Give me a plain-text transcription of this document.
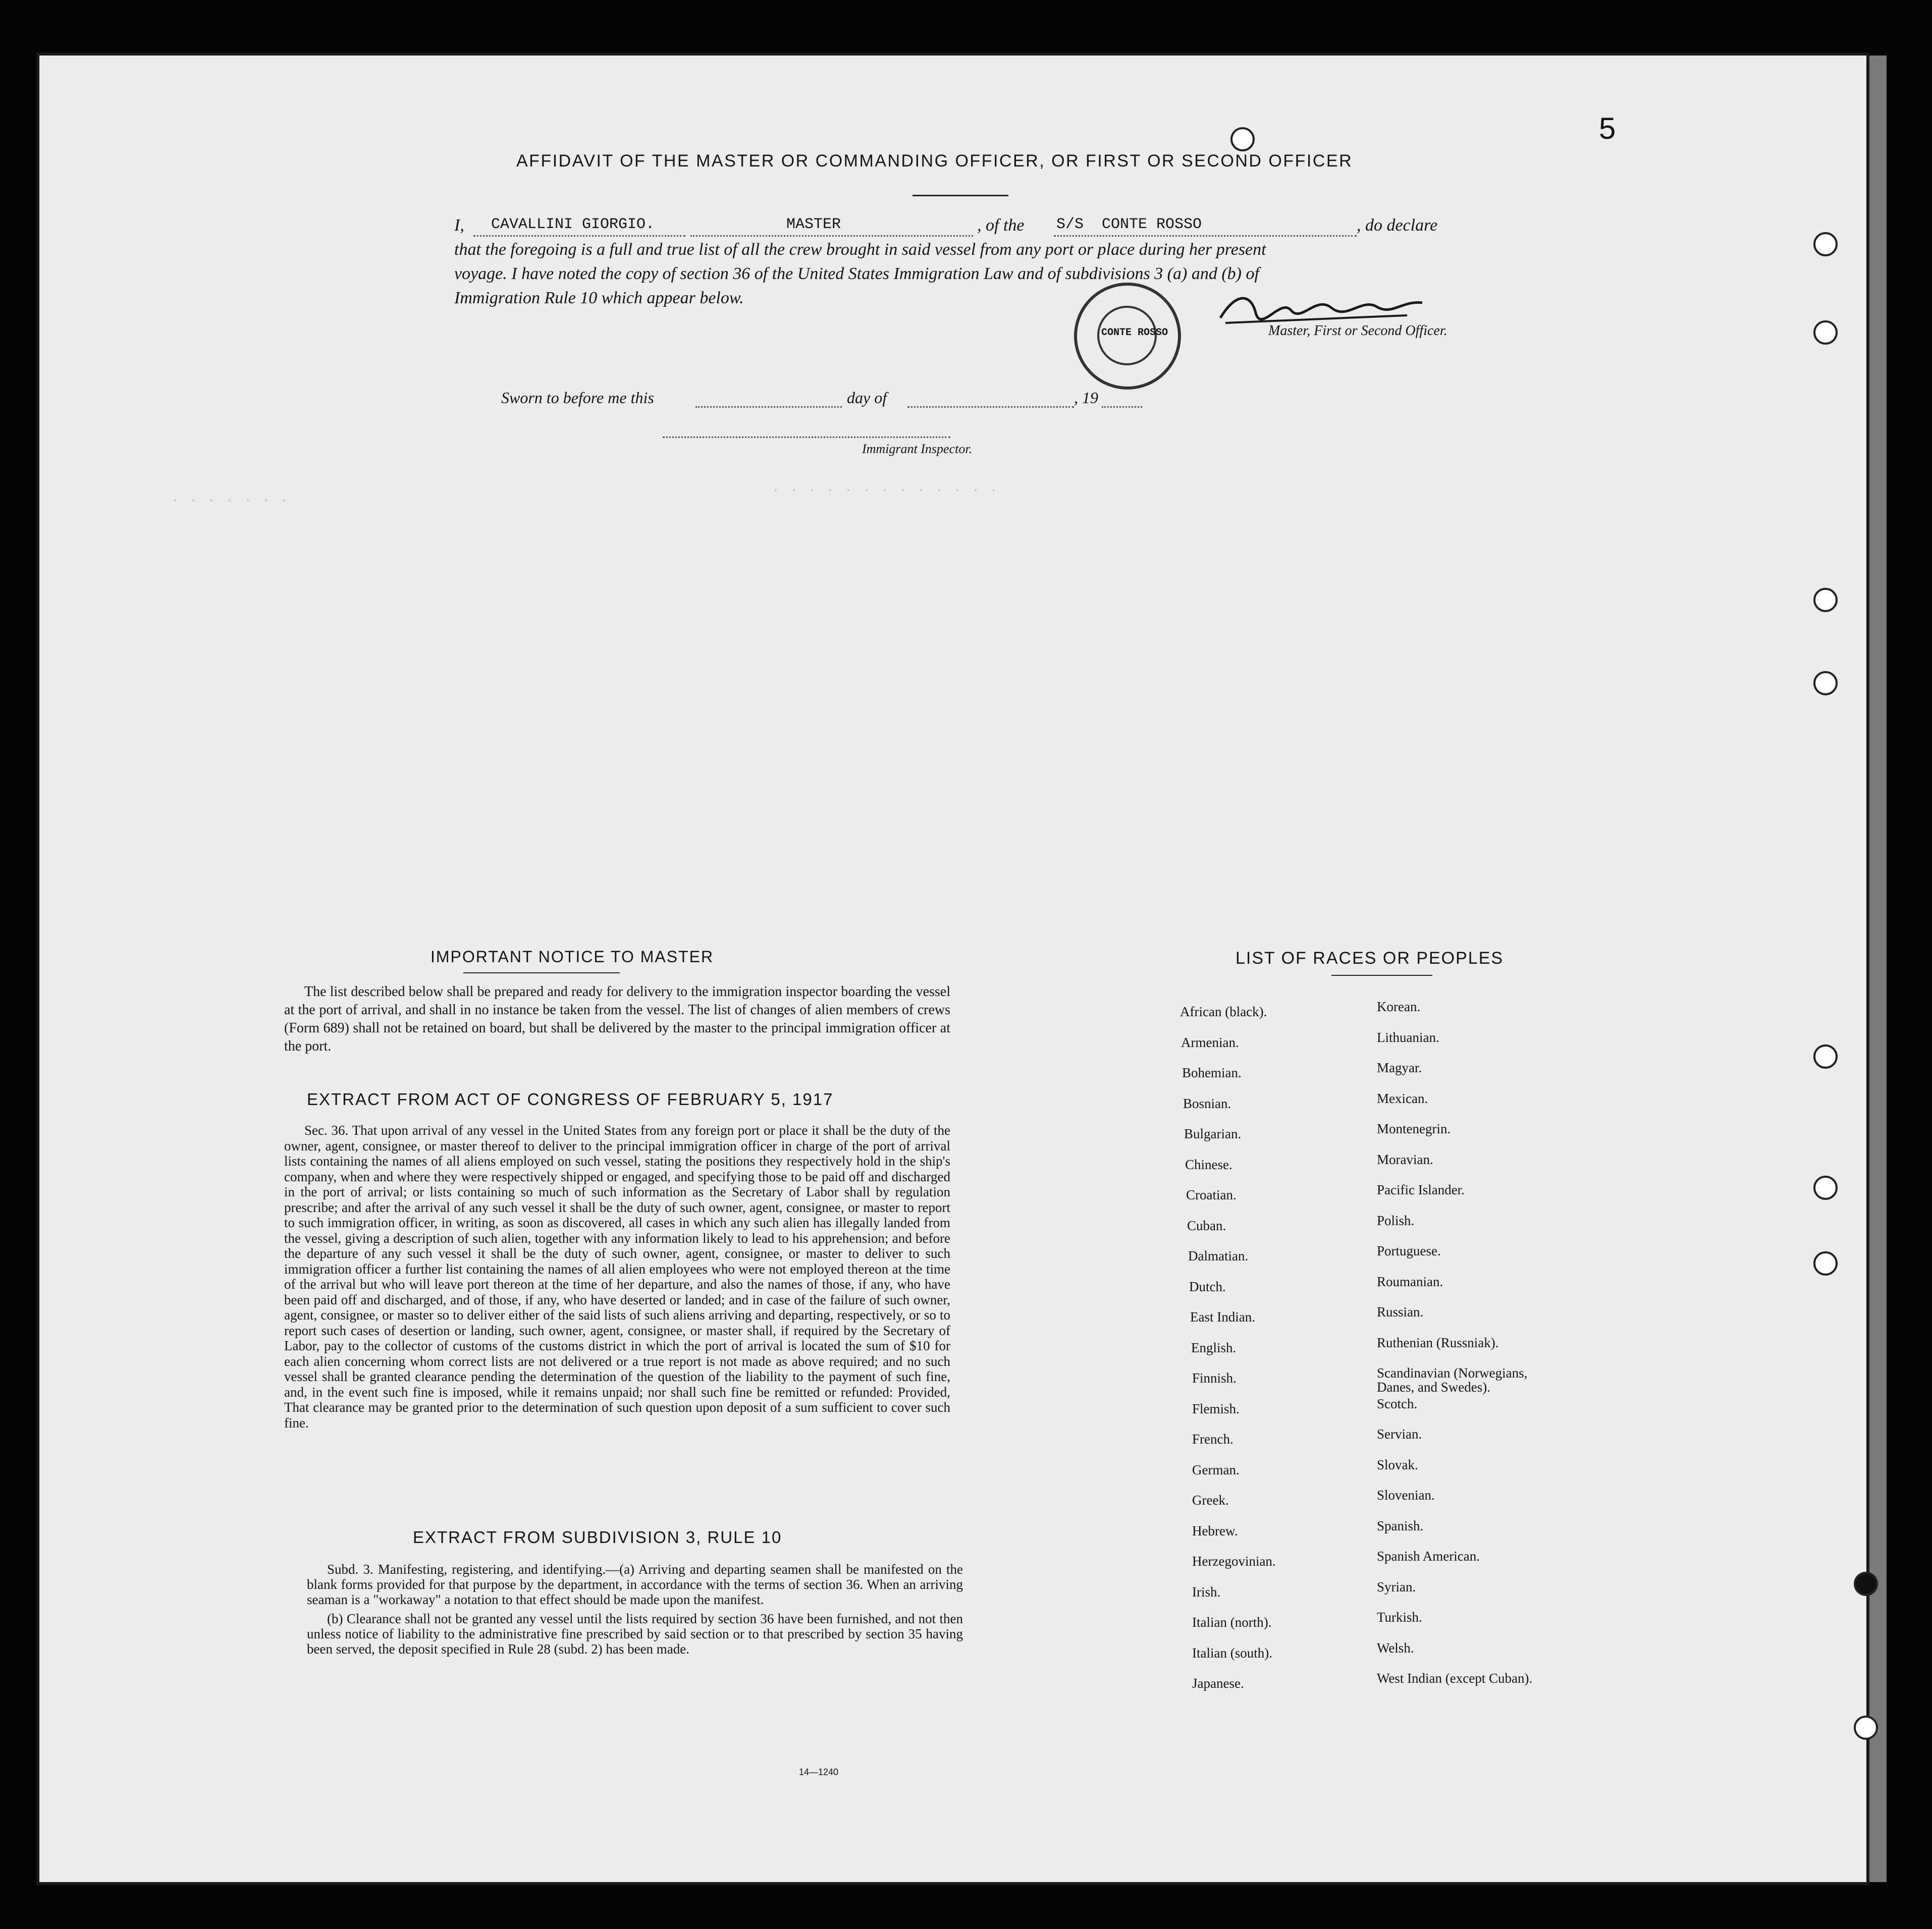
5
. . . . . . .
. . . . . . . . . . . . .
AFFIDAVIT OF THE MASTER OR COMMANDING OFFICER, OR FIRST OR SECOND OFFICER
I, CAVALLINI GIORGIO.	MASTER	, of the S/S  CONTE ROSSO	, do declare
that the foregoing is a full and true list of all the crew brought in said vessel from any port or place during her present
voyage. I have noted the copy of section 36 of the United States Immigration Law and of subdivisions 3 (a) and (b) of
Immigration Rule 10 which appear below.
CONTE ROSSO	Master, First or Second Officer.
Sworn to before me this	day of	, 19
Immigrant Inspector.
IMPORTANT NOTICE TO MASTER

The list described below shall be prepared and ready for delivery to the immigration inspector boarding the vessel at the port of arrival, and shall in no instance be taken from the vessel. The list of changes of alien members of crews (Form 689) shall not be retained on board, but shall be delivered by the master to the principal immigration officer at the port.

EXTRACT FROM ACT OF CONGRESS OF FEBRUARY 5, 1917

Sec. 36. That upon arrival of any vessel in the United States from any foreign port or place it shall be the duty of the owner, agent, consignee, or master thereof to deliver to the principal immigration officer in charge of the port of arrival lists containing the names of all aliens employed on such vessel, stating the positions they respectively hold in the ship's company, when and where they were respectively shipped or engaged, and specifying those to be paid off and discharged in the port of arrival; or lists containing so much of such information as the Secretary of Labor shall by regulation prescribe; and after the arrival of any such vessel it shall be the duty of such owner, agent, consignee, or master to report to such immigration officer, in writing, as soon as discovered, all cases in which any such alien has illegally landed from the vessel, giving a description of such alien, together with any information likely to lead to his apprehension; and before the departure of any such vessel it shall be the duty of such owner, agent, consignee, or master to deliver to such immigration officer a further list containing the names of all alien employees who were not employed thereon at the time of the arrival but who will leave port thereon at the time of her departure, and also the names of those, if any, who have been paid off and discharged, and of those, if any, who have deserted or landed; and in case of the failure of such owner, agent, consignee, or master so to deliver either of the said lists of such aliens arriving and departing, respectively, or so to report such cases of desertion or landing, such owner, agent, consignee, or master shall, if required by the Secretary of Labor, pay to the collector of customs of the customs district in which the port of arrival is located the sum of $10 for each alien concerning whom correct lists are not delivered or a true report is not made as above required; and no such vessel shall be granted clearance pending the determination of the question of the liability to the payment of such fine, and, in the event such fine is imposed, while it remains unpaid; nor shall such fine be remitted or refunded: Provided, That clearance may be granted prior to the determination of such question upon deposit of a sum sufficient to cover such fine.

EXTRACT FROM SUBDIVISION 3, RULE 10

Subd. 3. Manifesting, registering, and identifying.—(a) Arriving and departing seamen shall be manifested on the blank forms provided for that purpose by the department, in accordance with the terms of section 36. When an arriving seaman is a "workaway" a notation to that effect should be made upon the manifest.

(b) Clearance shall not be granted any vessel until the lists required by section 36 have been furnished, and not then unless notice of liability to the administrative fine prescribed by said section or to that prescribed by section 35 having been served, the deposit specified in Rule 28 (subd. 2) has been made.

14—1240
LIST OF RACES OR PEOPLES
African (black).
Armenian.
Bohemian.
Bosnian.
Bulgarian.
Chinese.
Croatian.
Cuban.
Dalmatian.
Dutch.
East Indian.
English.
Finnish.
Flemish.
French.
German.
Greek.
Hebrew.
Herzegovinian.
Irish.
Italian (north).
Italian (south).
Japanese.
Korean.
Lithuanian.
Magyar.
Mexican.
Montenegrin.
Moravian.
Pacific Islander.
Polish.
Portuguese.
Roumanian.
Russian.
Ruthenian (Russniak).
Scandinavian (Norwegians,
Danes, and Swedes).
Scotch.
Servian.
Slovak.
Slovenian.
Spanish.
Spanish American.
Syrian.
Turkish.
Welsh.
West Indian (except Cuban).
